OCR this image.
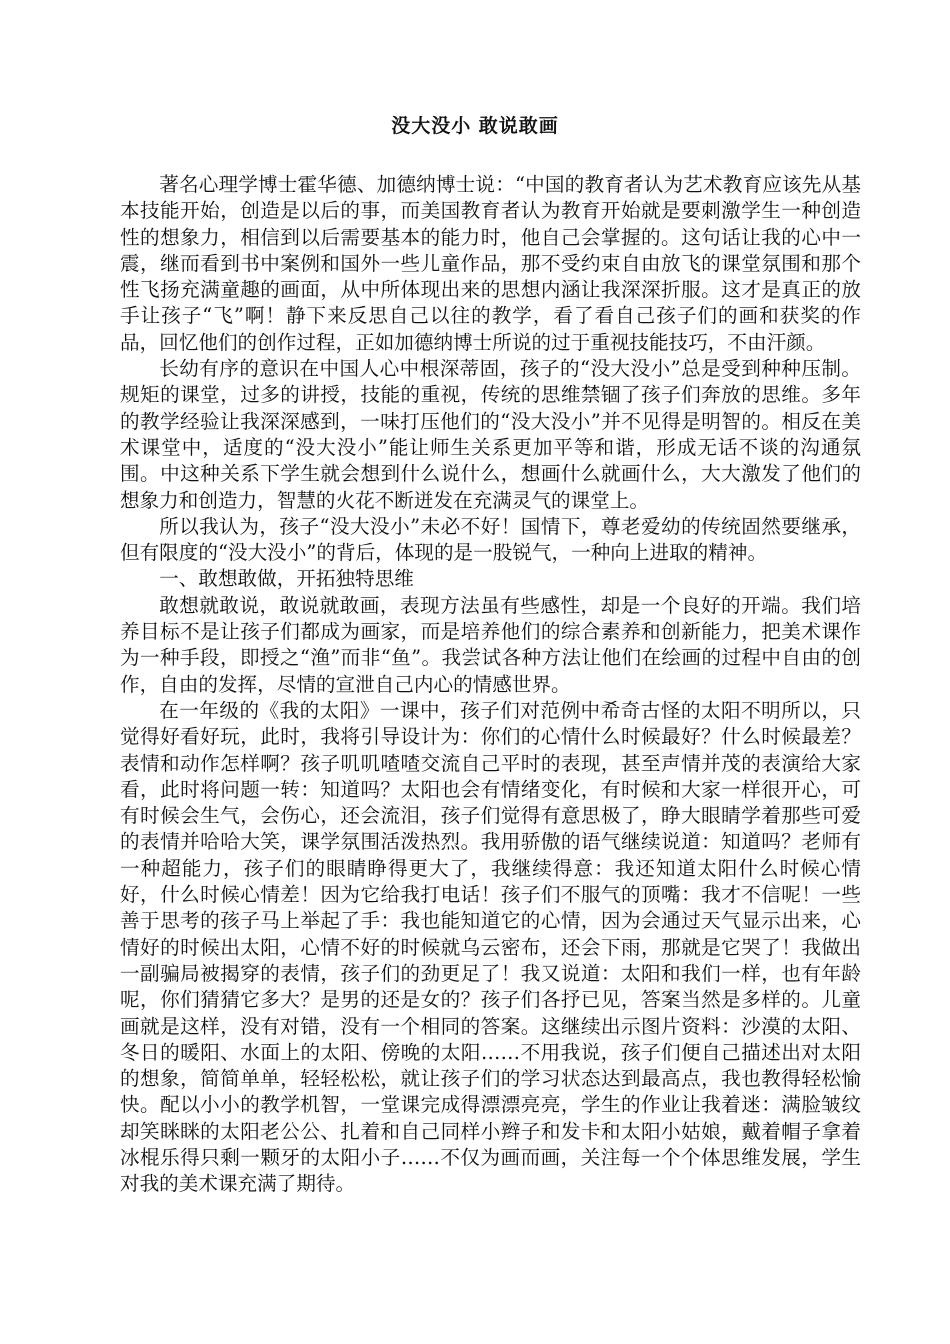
没大没小 敢说敢画

著名心理学博士霍华德、加德纳博士说：“中国的教育者认为艺术教育应该先从基本技能开始，创造是以后的事，而美国教育者认为教育开始就是要刺激学生一种创造性的想象力，相信到以后需要基本的能力时，他自己会掌握的。这句话让我的心中一震，继而看到书中案例和国外一些儿童作品，那不受约束自由放飞的课堂氛围和那个性飞扬充满童趣的画面，从中所体现出来的思想内涵让我深深折服。这才是真正的放手让孩子“飞”啊！静下来反思自己以往的教学，看了看自己孩子们的画和获奖的作品，回忆他们的创作过程，正如加德纳博士所说的过于重视技能技巧，不由汗颜。

长幼有序的意识在中国人心中根深蒂固，孩子的“没大没小”总是受到种种压制。规矩的课堂，过多的讲授，技能的重视，传统的思维禁锢了孩子们奔放的思维。多年的教学经验让我深深感到，一味打压他们的“没大没小”并不见得是明智的。相反在美术课堂中，适度的“没大没小”能让师生关系更加平等和谐，形成无话不谈的沟通氛围。中这种关系下学生就会想到什么说什么，想画什么就画什么，大大激发了他们的想象力和创造力，智慧的火花不断迸发在充满灵气的课堂上。

所以我认为，孩子“没大没小”未必不好！国情下，尊老爱幼的传统固然要继承，但有限度的“没大没小”的背后，体现的是一股锐气，一种向上进取的精神。

一、敢想敢做，开拓独特思维

敢想就敢说，敢说就敢画，表现方法虽有些感性，却是一个良好的开端。我们培养目标不是让孩子们都成为画家，而是培养他们的综合素养和创新能力，把美术课作为一种手段，即授之“渔”而非“鱼”。我尝试各种方法让他们在绘画的过程中自由的创作，自由的发挥，尽情的宣泄自己内心的情感世界。

在一年级的《我的太阳》一课中，孩子们对范例中希奇古怪的太阳不明所以，只觉得好看好玩，此时，我将引导设计为：你们的心情什么时候最好？什么时候最差？表情和动作怎样啊？孩子叽叽喳喳交流自己平时的表现，甚至声情并茂的表演给大家看，此时将问题一转：知道吗？太阳也会有情绪变化，有时候和大家一样很开心，可有时候会生气，会伤心，还会流泪，孩子们觉得有意思极了，睁大眼睛学着那些可爱的表情并哈哈大笑，课学氛围活泼热烈。我用骄傲的语气继续说道：知道吗？老师有一种超能力，孩子们的眼睛睁得更大了，我继续得意：我还知道太阳什么时候心情好，什么时候心情差！因为它给我打电话！孩子们不服气的顶嘴：我才不信呢！一些善于思考的孩子马上举起了手：我也能知道它的心情，因为会通过天气显示出来，心情好的时候出太阳，心情不好的时候就乌云密布，还会下雨，那就是它哭了！我做出一副骗局被揭穿的表情，孩子们的劲更足了！我又说道：太阳和我们一样，也有年龄呢，你们猜猜它多大？是男的还是女的？孩子们各抒已见，答案当然是多样的。儿童画就是这样，没有对错，没有一个相同的答案。这继续出示图片资料：沙漠的太阳、冬日的暖阳、水面上的太阳、傍晚的太阳……不用我说，孩子们便自己描述出对太阳的想象，简简单单，轻轻松松，就让孩子们的学习状态达到最高点，我也教得轻松愉快。配以小小的教学机智，一堂课完成得漂漂亮亮，学生的作业让我着迷：满脸皱纹却笑眯眯的太阳老公公、扎着和自己同样小辫子和发卡和太阳小姑娘，戴着帽子拿着冰棍乐得只剩一颗牙的太阳小子……不仅为画而画，关注每一个个体思维发展，学生对我的美术课充满了期待。
